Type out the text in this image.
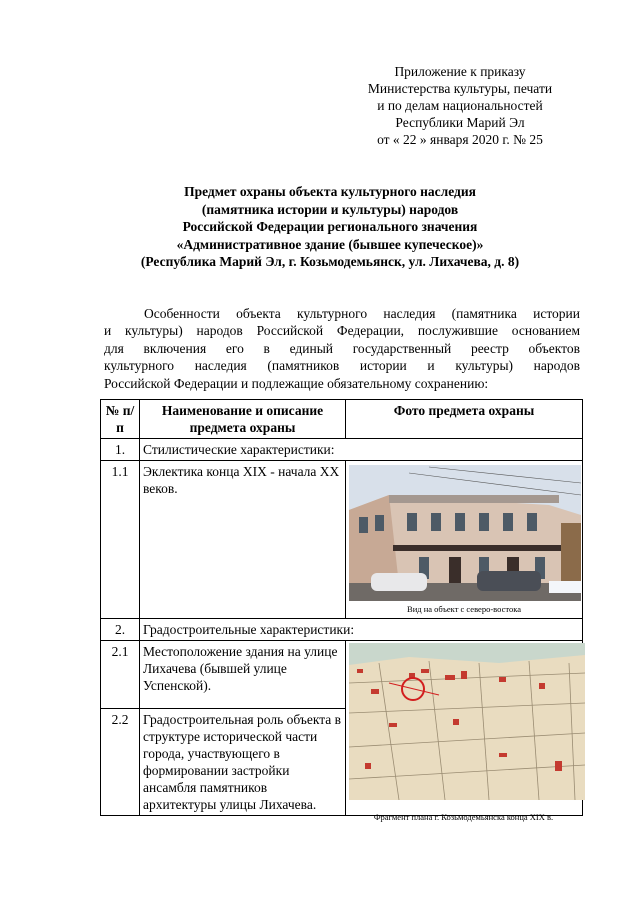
Приложение к приказу
Министерства культуры, печати
и по делам национальностей
Республики Марий Эл
от « 22 » января 2020 г. № 25
Предмет охраны объекта культурного наследия
(памятника истории и культуры) народов
Российской Федерации регионального значения
«Административное здание (бывшее купеческое)»
(Республика Марий Эл, г. Козьмодемьянск, ул. Лихачева, д. 8)
Особенности объекта культурного наследия (памятника истории
и культуры) народов Российской Федерации, послужившие основанием
для включения его в единый государственный реестр объектов
культурного наследия (памятников истории и культуры) народов
Российской Федерации и подлежащие обязательному сохранению:
№ п/п	Наименование и описание предмета охраны	Фото предмета охраны
1.	Стилистические характеристики:	
1.1	Эклектика конца XIX - начала XX веков.	Вид на объект с северо-востока

2.	Градостроительные характеристики:	
2.1	Местоположение здания на улице Лихачева (бывшей улице Успенской).	

2.2	Градостроительная роль объекта в структуре исторической части города, участвующего в формировании застройки ансамбля памятников архитектуры улицы Лихачева.	
Фрагмент плана г. Козьмодемьянска конца XIX в.
